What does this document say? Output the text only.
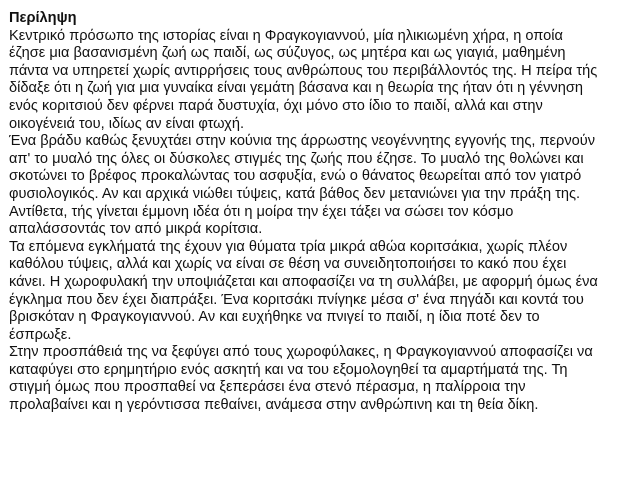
Περίληψη

Κεντρικό πρόσωπο της ιστορίας είναι η Φραγκογιαννού, μία ηλικιωμένη χήρα, η οποία
έζησε μια βασανισμένη ζωή ως παιδί, ως σύζυγος, ως μητέρα και ως γιαγιά, μαθημένη
πάντα να υπηρετεί χωρίς αντιρρήσεις τους ανθρώπους του περιβάλλοντός της. Η πείρα τής
δίδαξε ότι η ζωή για μια γυναίκα είναι γεμάτη βάσανα και η θεωρία της ήταν ότι η γέννηση
ενός κοριτσιού δεν φέρνει παρά δυστυχία, όχι μόνο στο ίδιο το παιδί, αλλά και στην
οικογένειά του, ιδίως αν είναι φτωχή.

Ένα βράδυ καθώς ξενυχτάει στην κούνια της άρρωστης νεογέννητης εγγονής της, περνούν
απ' το μυαλό της όλες οι δύσκολες στιγμές της ζωής που έζησε. Το μυαλό της θολώνει και
σκοτώνει το βρέφος προκαλώντας του ασφυξία, ενώ ο θάνατος θεωρείται από τον γιατρό
φυσιολογικός. Αν και αρχικά νιώθει τύψεις, κατά βάθος δεν μετανιώνει για την πράξη της.
Αντίθετα, τής γίνεται έμμονη ιδέα ότι η μοίρα την έχει τάξει να σώσει τον κόσμο
απαλάσσοντάς τον από μικρά κορίτσια.

Τα επόμενα εγκλήματά της έχουν για θύματα τρία μικρά αθώα κοριτσάκια, χωρίς πλέον
καθόλου τύψεις, αλλά και χωρίς να είναι σε θέση να συνειδητοποιήσει το κακό που έχει
κάνει. Η χωροφυλακή την υποψιάζεται και αποφασίζει να τη συλλάβει, με αφορμή όμως ένα
έγκλημα που δεν έχει διαπράξει. Ένα κοριτσάκι πνίγηκε μέσα σ' ένα πηγάδι και κοντά του
βρισκόταν η Φραγκογιαννού. Αν και ευχήθηκε να πνιγεί το παιδί, η ίδια ποτέ δεν το
έσπρωξε.

Στην προσπάθειά της να ξεφύγει από τους χωροφύλακες, η Φραγκογιαννού αποφασίζει να
καταφύγει στο ερημητήριο ενός ασκητή και να του εξομολογηθεί τα αμαρτήματά της. Τη
στιγμή όμως που προσπαθεί να ξεπεράσει ένα στενό πέρασμα, η παλίρροια την
προλαβαίνει και η γερόντισσα πεθαίνει, ανάμεσα στην ανθρώπινη και τη θεία δίκη.
